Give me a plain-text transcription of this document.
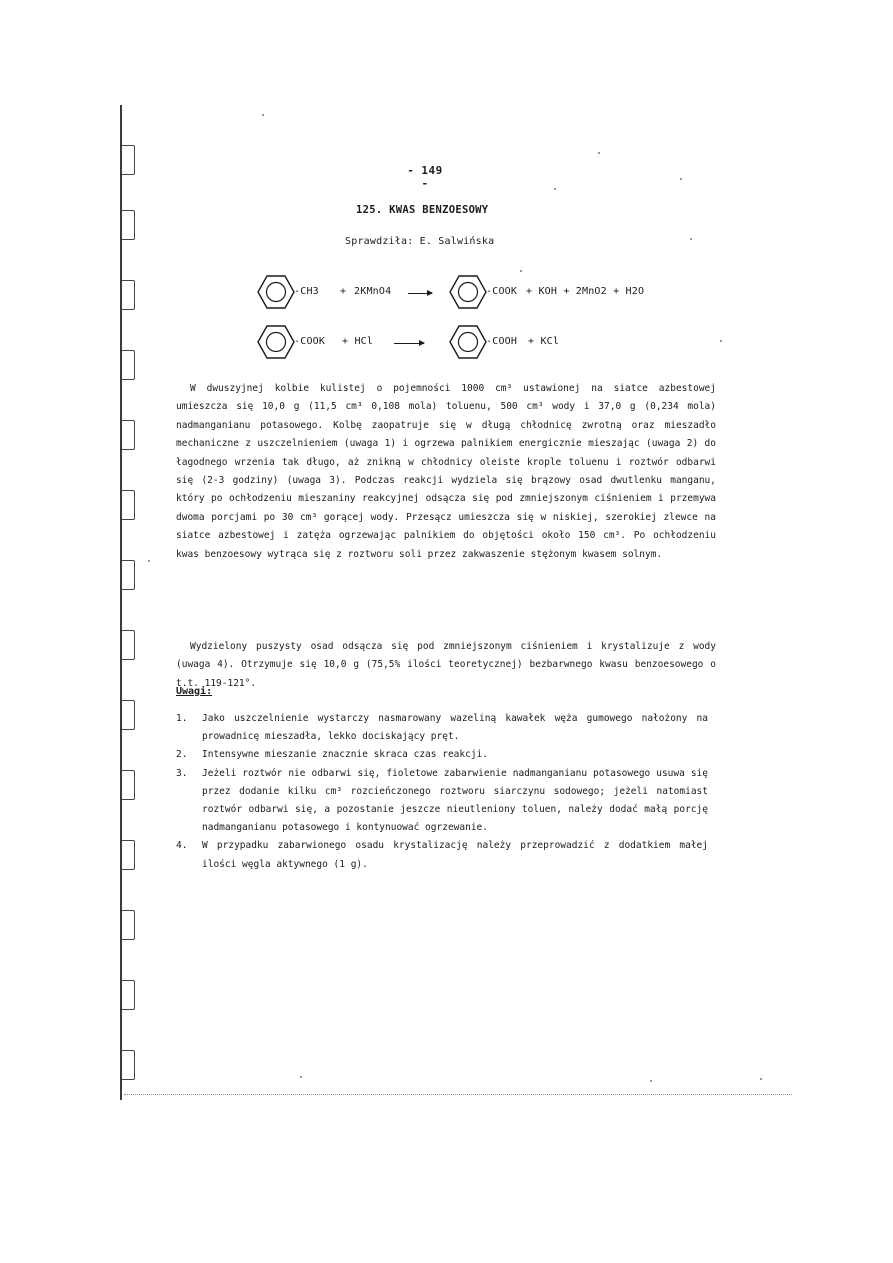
- 149 -
125. KWAS BENZOESOWY
Sprawdziła: E. Salwińska
-CH3 + 2KMnO4 →	-COOK + KOH + 2MnO2 + H2O
-COOK + HCl →	-COOH + KCl

W dwuszyjnej kolbie kulistej o pojemności 1000 cm³ ustawionej na siatce azbestowej umieszcza się 10,0 g (11,5 cm³ 0,108 mola) toluenu, 500 cm³ wody i 37,0 g (0,234 mola) nadmanganianu potasowego. Kolbę zaopatruje się w długą chłodnicę zwrotną oraz mieszadło mechaniczne z uszczelnieniem (uwaga 1) i ogrzewa palnikiem energicznie mieszając (uwaga 2) do łagodnego wrzenia tak długo, aż znikną w chłodnicy oleiste krople toluenu i roztwór odbarwi się (2-3 godziny) (uwaga 3). Podczas reakcji wydziela się brązowy osad dwutlenku manganu, który po ochłodzeniu mieszaniny reakcyjnej odsącza się pod zmniejszonym ciśnieniem i przemywa dwoma porcjami po 30 cm³ gorącej wody. Przesącz umieszcza się w niskiej, szerokiej zlewce na siatce azbestowej i zatęża ogrzewając palnikiem do objętości około 150 cm³. Po ochłodzeniu kwas benzoesowy wytrąca się z roztworu soli przez zakwaszenie stężonym kwasem solnym.

Wydzielony puszysty osad odsącza się pod zmniejszonym ciśnieniem i krystalizuje z wody (uwaga 4). Otrzymuje się 10,0 g (75,5% ilości teoretycznej) bezbarwnego kwasu benzoesowego o t.t. 119-121°.

Uwagi:
1.	Jako uszczelnienie wystarczy nasmarowany wazeliną kawałek węża gumowego nałożony na prowadnicę mieszadła, lekko dociskający pręt.
2.	Intensywne mieszanie znacznie skraca czas reakcji.
3.	Jeżeli roztwór nie odbarwi się, fioletowe zabarwienie nadmanganianu potasowego usuwa się przez dodanie kilku cm³ rozcieńczonego roztworu siarczynu sodowego; jeżeli natomiast roztwór odbarwi się, a pozostanie jeszcze nieutleniony toluen, należy dodać małą porcję nadmanganianu potasowego i kontynuować ogrzewanie.
4.	W przypadku zabarwionego osadu krystalizację należy przeprowadzić z dodatkiem małej ilości węgla aktywnego (1 g).
